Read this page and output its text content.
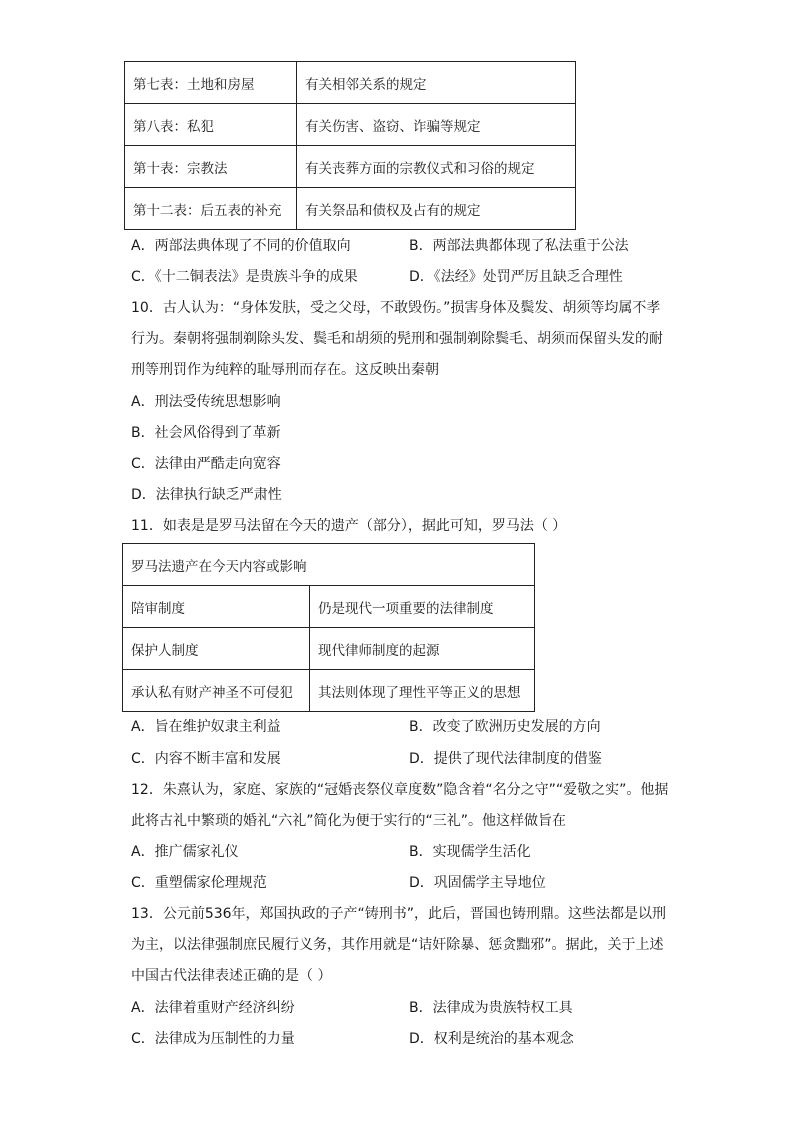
第七表：土地和房屋	有关相邻关系的规定
第八表：私犯	有关伤害、盗窃、诈骗等规定
第十表：宗教法	有关丧葬方面的宗教仪式和习俗的规定
第十二表：后五表的补充	有关祭品和债权及占有的规定
A．两部法典体现了不同的价值取向	B．两部法典都体现了私法重于公法
C．《十二铜表法》是贵族斗争的成果	D．《法经》处罚严厉且缺乏合理性
10．古人认为：“身体发肤，受之父母，不敢毁伤。”损害身体及鬓发、胡须等均属不孝
行为。秦朝将强制剃除头发、鬓毛和胡须的髡刑和强制剃除鬓毛、胡须而保留头发的耐
刑等刑罚作为纯粹的耻辱刑而存在。这反映出秦朝
A．刑法受传统思想影响
B．社会风俗得到了革新
C．法律由严酷走向宽容
D．法律执行缺乏严肃性
11．如表是是罗马法留在今天的遗产（部分），据此可知，罗马法（ ）
罗马法遗产在今天内容或影响	
陪审制度	仍是现代一项重要的法律制度
保护人制度	现代律师制度的起源
承认私有财产神圣不可侵犯	其法则体现了理性平等正义的思想
A．旨在维护奴隶主利益	B．改变了欧洲历史发展的方向
C．内容不断丰富和发展	D．提供了现代法律制度的借鉴
12．朱熹认为，家庭、家族的“冠婚丧祭仪章度数”隐含着“名分之守”“爱敬之实”。他据
此将古礼中繁琐的婚礼“六礼”简化为便于实行的“三礼”。他这样做旨在
A．推广儒家礼仪	B．实现儒学生活化
C．重塑儒家伦理规范	D．巩固儒学主导地位
13．公元前536年，郑国执政的子产“铸刑书”，此后，晋国也铸刑鼎。这些法都是以刑
为主，以法律强制庶民履行义务，其作用就是“诘奸除暴、惩贪黜邪”。据此，关于上述
中国古代法律表述正确的是（ ）
A．法律着重财产经济纠纷	B．法律成为贵族特权工具
C．法律成为压制性的力量	D．权利是统治的基本观念
